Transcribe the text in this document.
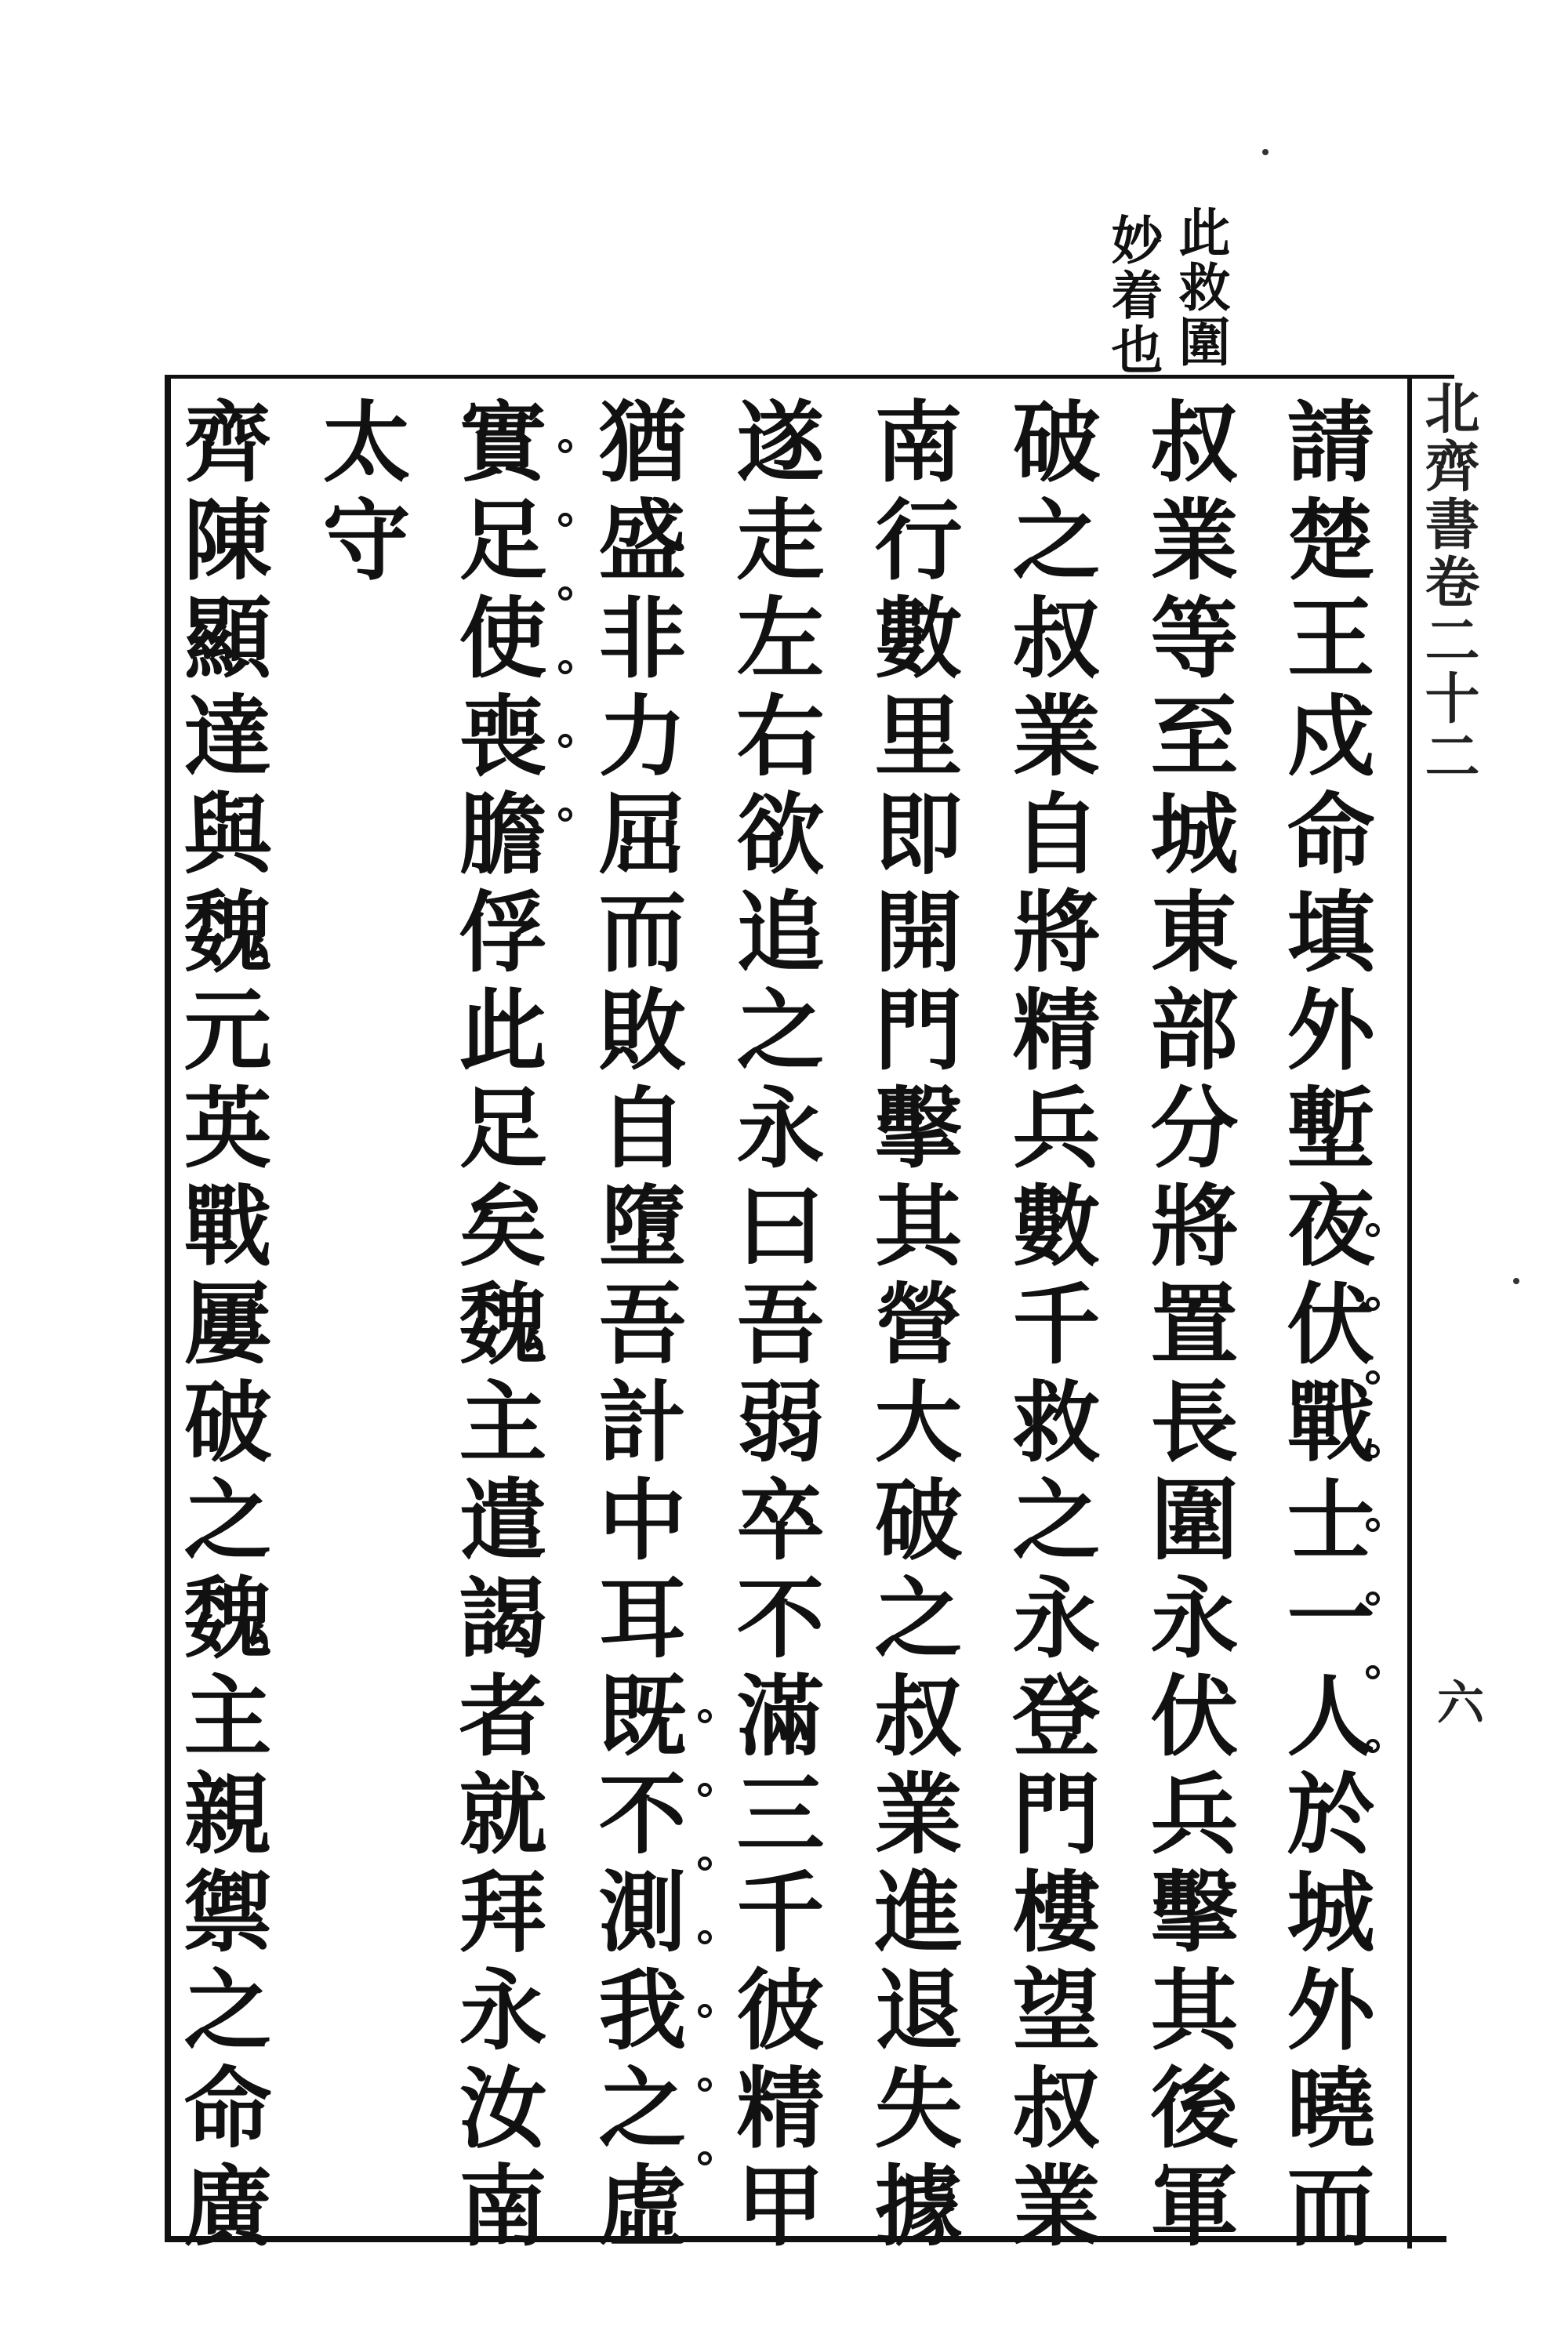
此救圍
妙着也
北齊書卷二十二
六
請楚王戍命填外塹夜伏戰士一人於城外曉而
叔業等至城東部分將置長圍永伏兵擊其後軍
破之叔業自將精兵數千救之永登門樓望叔業
南行數里即開門擊其營大破之叔業進退失據
遂走左右欲追之永曰吾弱卒不滿三千彼精甲
猶盛非力屈而敗自墮吾計中耳既不測我之虛
實足使喪膽俘此足矣魏主遣謁者就拜永汝南
太守
齊陳顯達與魏元英戰屢破之魏主親禦之命廣
